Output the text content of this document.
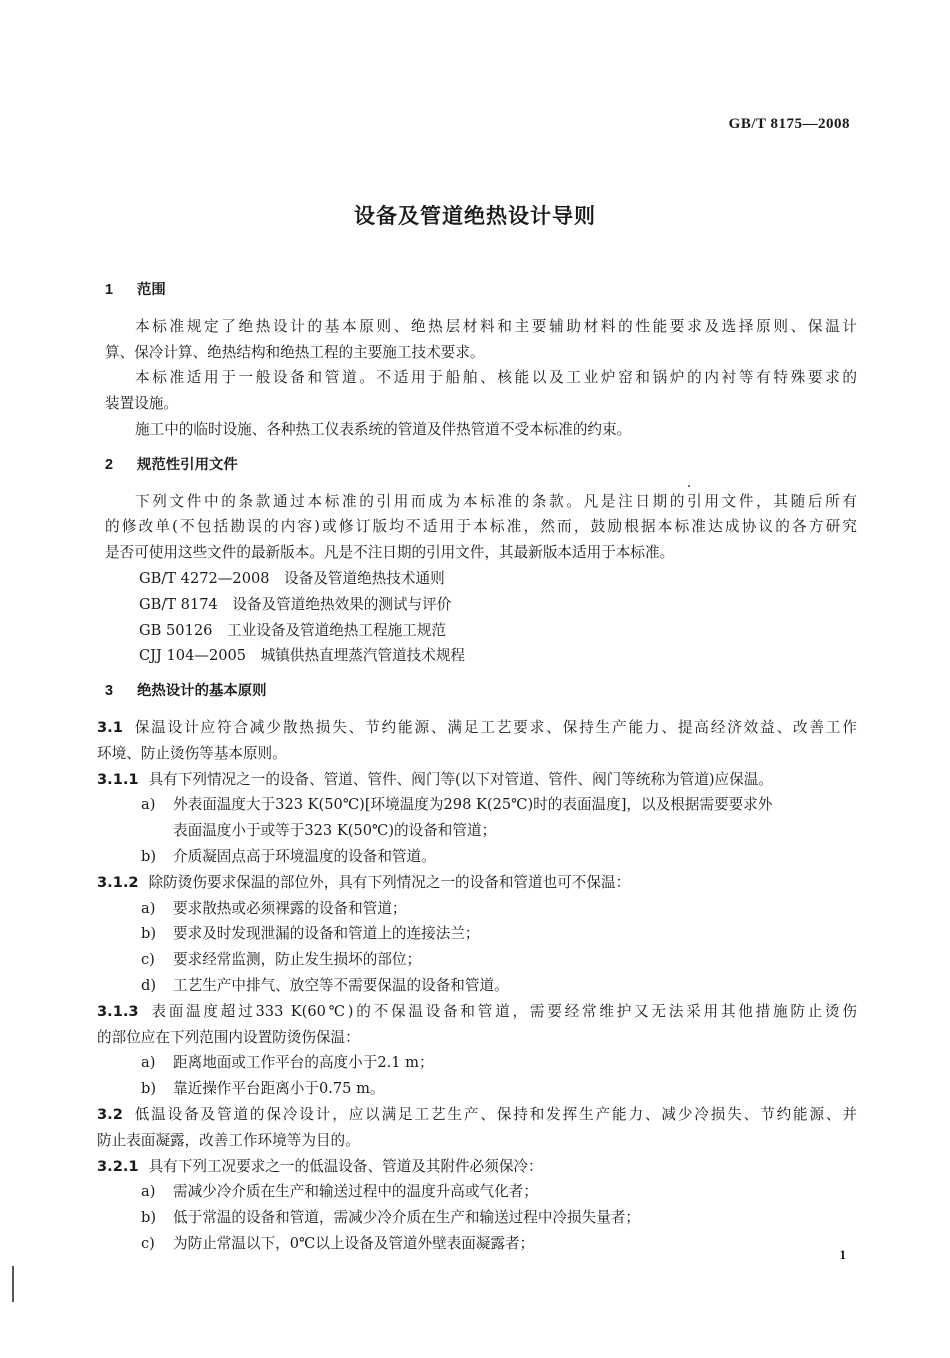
GB/T 8175—2008
设备及管道绝热设计导则
1 范围
本标准规定了绝热设计的基本原则、绝热层材料和主要辅助材料的性能要求及选择原则、保温计
算、保冷计算、绝热结构和绝热工程的主要施工技术要求。
本标准适用于一般设备和管道。不适用于船舶、核能以及工业炉窑和锅炉的内衬等有特殊要求的
装置设施。
施工中的临时设施、各种热工仪表系统的管道及伴热管道不受本标准的约束。
2 规范性引用文件
下列文件中的条款通过本标准的引用而成为本标准的条款。凡是注日期的引用文件，其随后所有
的修改单(不包括勘误的内容)或修订版均不适用于本标准，然而，鼓励根据本标准达成协议的各方研究
是否可使用这些文件的最新版本。凡是不注日期的引用文件，其最新版本适用于本标准。
GB/T 4272—2008　设备及管道绝热技术通则
GB/T 8174　设备及管道绝热效果的测试与评价
GB 50126　工业设备及管道绝热工程施工规范
CJJ 104—2005　城镇供热直埋蒸汽管道技术规程
3 绝热设计的基本原则
3.1 保温设计应符合减少散热损失、节约能源、满足工艺要求、保持生产能力、提高经济效益、改善工作
环境、防止烫伤等基本原则。
3.1.1 具有下列情况之一的设备、管道、管件、阀门等(以下对管道、管件、阀门等统称为管道)应保温。
a) 外表面温度大于323 K(50℃)[环境温度为298 K(25℃)时的表面温度]，以及根据需要要求外
表面温度小于或等于323 K(50℃)的设备和管道；
b) 介质凝固点高于环境温度的设备和管道。
3.1.2 除防烫伤要求保温的部位外，具有下列情况之一的设备和管道也可不保温：
a) 要求散热或必须裸露的设备和管道；
b) 要求及时发现泄漏的设备和管道上的连接法兰；
c) 要求经常监测，防止发生损坏的部位；
d) 工艺生产中排气、放空等不需要保温的设备和管道。
3.1.3 表面温度超过333 K(60℃)的不保温设备和管道，需要经常维护又无法采用其他措施防止烫伤
的部位应在下列范围内设置防烫伤保温：
a) 距离地面或工作平台的高度小于2.1 m；
b) 靠近操作平台距离小于0.75 m。
3.2 低温设备及管道的保冷设计，应以满足工艺生产、保持和发挥生产能力、减少冷损失、节约能源、并
防止表面凝露，改善工作环境等为目的。
3.2.1 具有下列工况要求之一的低温设备、管道及其附件必须保冷：
a) 需减少冷介质在生产和输送过程中的温度升高或气化者；
b) 低于常温的设备和管道，需减少冷介质在生产和输送过程中冷损失量者；
c) 为防止常温以下，0℃以上设备及管道外壁表面凝露者；
1
